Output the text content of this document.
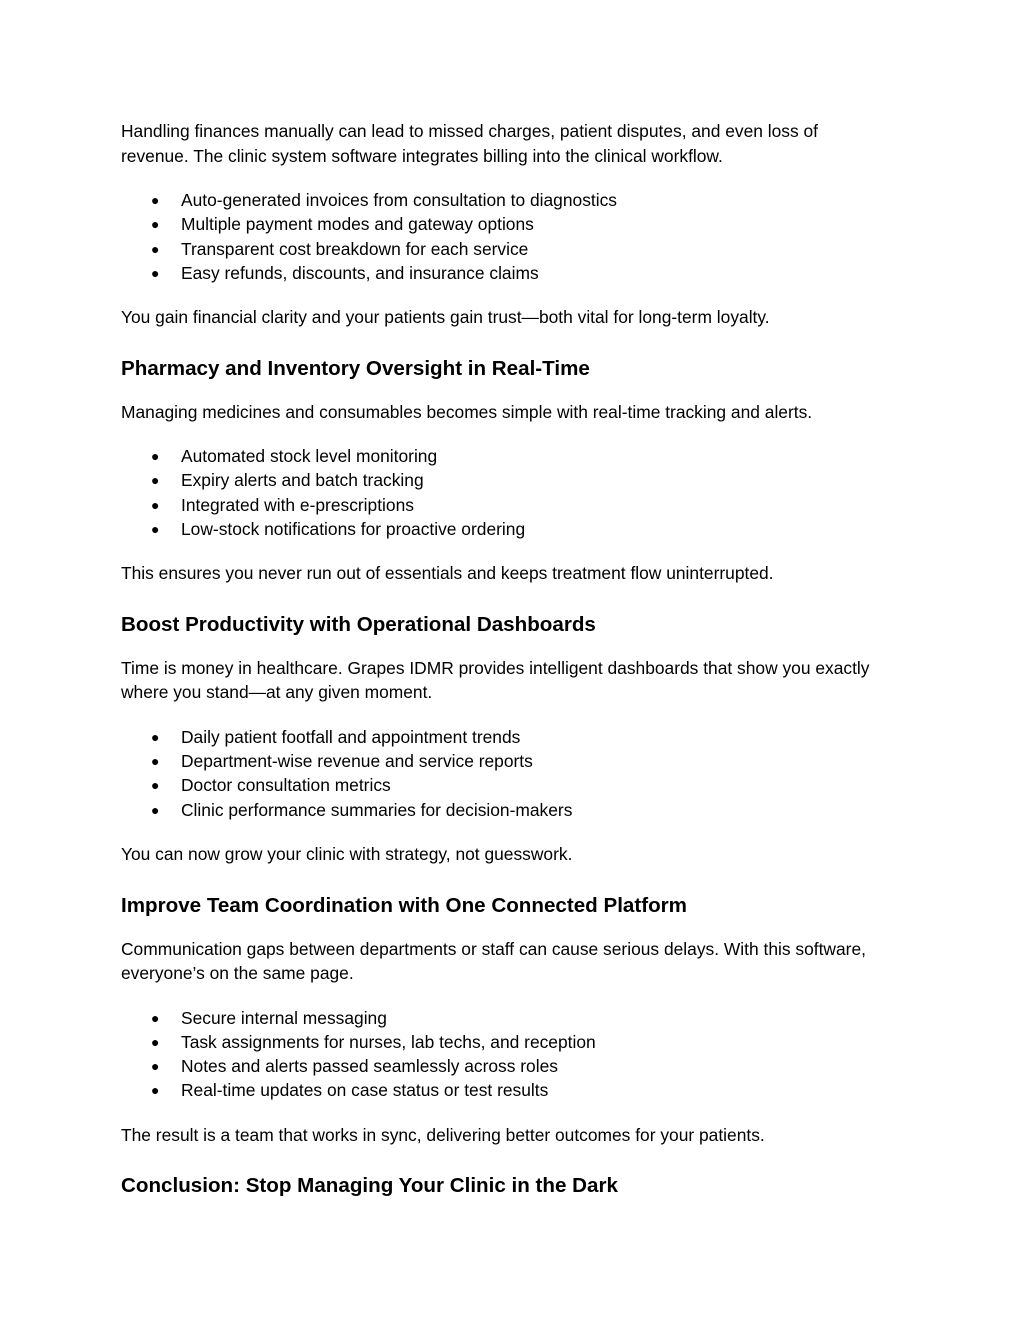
Handling finances manually can lead to missed charges, patient disputes, and even loss of revenue. The clinic system software integrates billing into the clinical workflow.

● Auto-generated invoices from consultation to diagnostics
● Multiple payment modes and gateway options
● Transparent cost breakdown for each service
● Easy refunds, discounts, and insurance claims

You gain financial clarity and your patients gain trust—both vital for long-term loyalty.

Pharmacy and Inventory Oversight in Real-Time

Managing medicines and consumables becomes simple with real-time tracking and alerts.

● Automated stock level monitoring
● Expiry alerts and batch tracking
● Integrated with e-prescriptions
● Low-stock notifications for proactive ordering

This ensures you never run out of essentials and keeps treatment flow uninterrupted.

Boost Productivity with Operational Dashboards

Time is money in healthcare. Grapes IDMR provides intelligent dashboards that show you exactly where you stand—at any given moment.

● Daily patient footfall and appointment trends
● Department-wise revenue and service reports
● Doctor consultation metrics
● Clinic performance summaries for decision-makers

You can now grow your clinic with strategy, not guesswork.

Improve Team Coordination with One Connected Platform

Communication gaps between departments or staff can cause serious delays. With this software, everyone’s on the same page.

● Secure internal messaging
● Task assignments for nurses, lab techs, and reception
● Notes and alerts passed seamlessly across roles
● Real-time updates on case status or test results

The result is a team that works in sync, delivering better outcomes for your patients.

Conclusion: Stop Managing Your Clinic in the Dark
